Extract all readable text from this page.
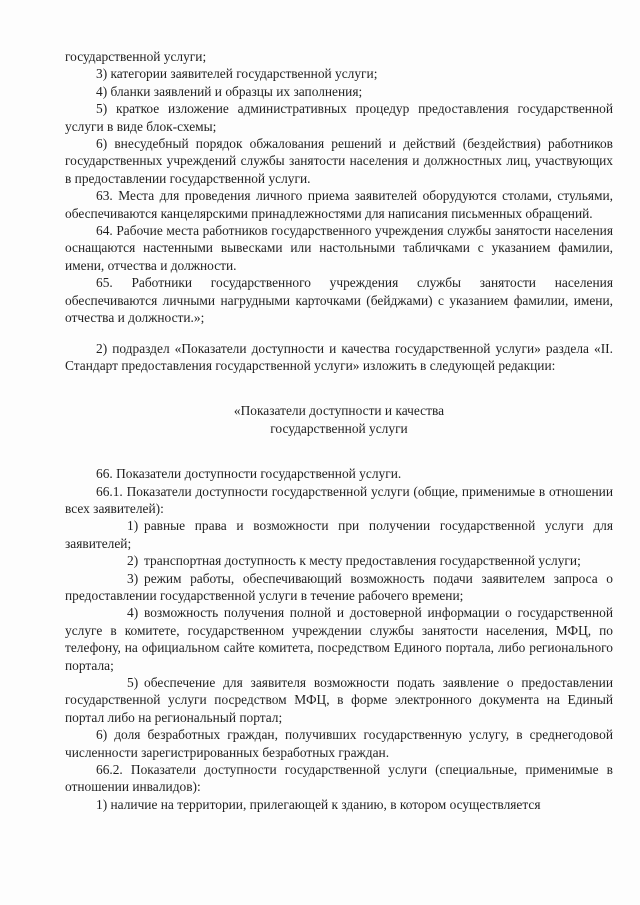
государственной услуги;

3) категории заявителей государственной услуги;

4) бланки заявлений и образцы их заполнения;

5) краткое изложение административных процедур предоставления государственной услуги в виде блок-схемы;

6) внесудебный порядок обжалования решений и действий (бездействия) работников государственных учреждений службы занятости населения и должностных лиц, участвующих в предоставлении государственной услуги.

63. Места для проведения личного приема заявителей оборудуются столами, стульями, обеспечиваются канцелярскими принадлежностями для написания письменных обращений.

64. Рабочие места работников государственного учреждения службы занятости населения оснащаются настенными вывесками или настольными табличками с указанием фамилии, имени, отчества и должности.

65. Работники государственного учреждения службы занятости населения обеспечиваются личными нагрудными карточками (бейджами) с указанием фамилии, имени, отчества и должности.»;

2) подраздел «Показатели доступности и качества государственной услуги» раздела «II. Стандарт предоставления государственной услуги» изложить в следующей редакции:

«Показатели доступности и качества

государственной услуги

66. Показатели доступности государственной услуги.

66.1. Показатели доступности государственной услуги (общие, применимые в отношении всех заявителей):

1) равные права и возможности при получении государственной услуги для заявителей;

2) транспортная доступность к месту предоставления государственной услуги;

3) режим работы, обеспечивающий возможность подачи заявителем запроса о предоставлении государственной услуги в течение рабочего времени;

4) возможность получения полной и достоверной информации о государственной услуге в комитете, государственном учреждении службы занятости населения, МФЦ, по телефону, на официальном сайте комитета, посредством Единого портала, либо регионального портала;

5) обеспечение для заявителя возможности подать заявление о предоставлении государственной услуги посредством МФЦ, в форме электронного документа на Единый портал либо на региональный портал;

6) доля безработных граждан, получивших государственную услугу, в среднегодовой численности зарегистрированных безработных граждан.

66.2. Показатели доступности государственной услуги (специальные, применимые в отношении инвалидов):

1) наличие на территории, прилегающей к зданию, в котором осуществляется
